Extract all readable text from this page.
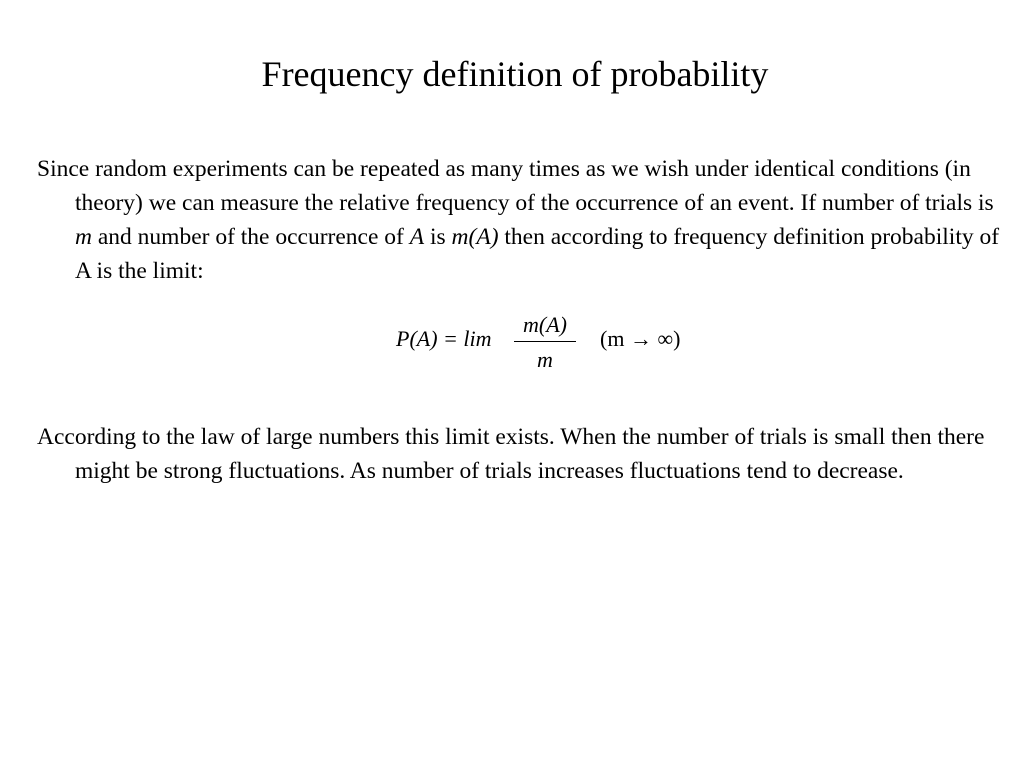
Frequency definition of probability
Since random experiments can be repeated as many times as we wish under identical conditions (in theory) we can measure the relative frequency of the occurrence of an event. If number of trials is m and number of the occurrence of A is m(A) then according to frequency definition probability of A is the limit:
P(A) = lim
m(A)
m
(m → ∞)
According to the law of large numbers this limit exists. When the number of trials is small then there might be strong fluctuations. As number of trials increases fluctuations tend to decrease.
